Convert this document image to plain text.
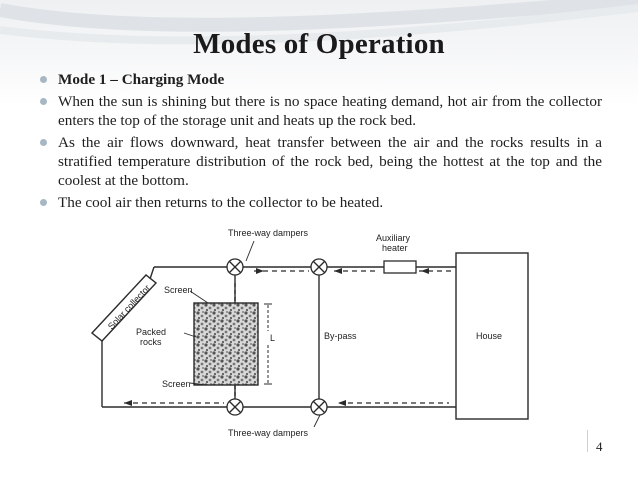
Modes of Operation
Mode 1 – Charging Mode
When the sun is shining but there is no space heating demand, hot air from the collector enters the top of the storage unit and heats up the rock bed.
As the air flows downward, heat transfer between the air and the rocks results in a stratified temperature distribution of the rock bed, being the hottest at the top and the coolest at the bottom.
The cool air then returns to the collector to be heated.
Solar collector
Three-way dampers	Auxiliary
heater
Screen
Packed
rocks	L	By-pass	House
Screen
Three-way dampers
4
